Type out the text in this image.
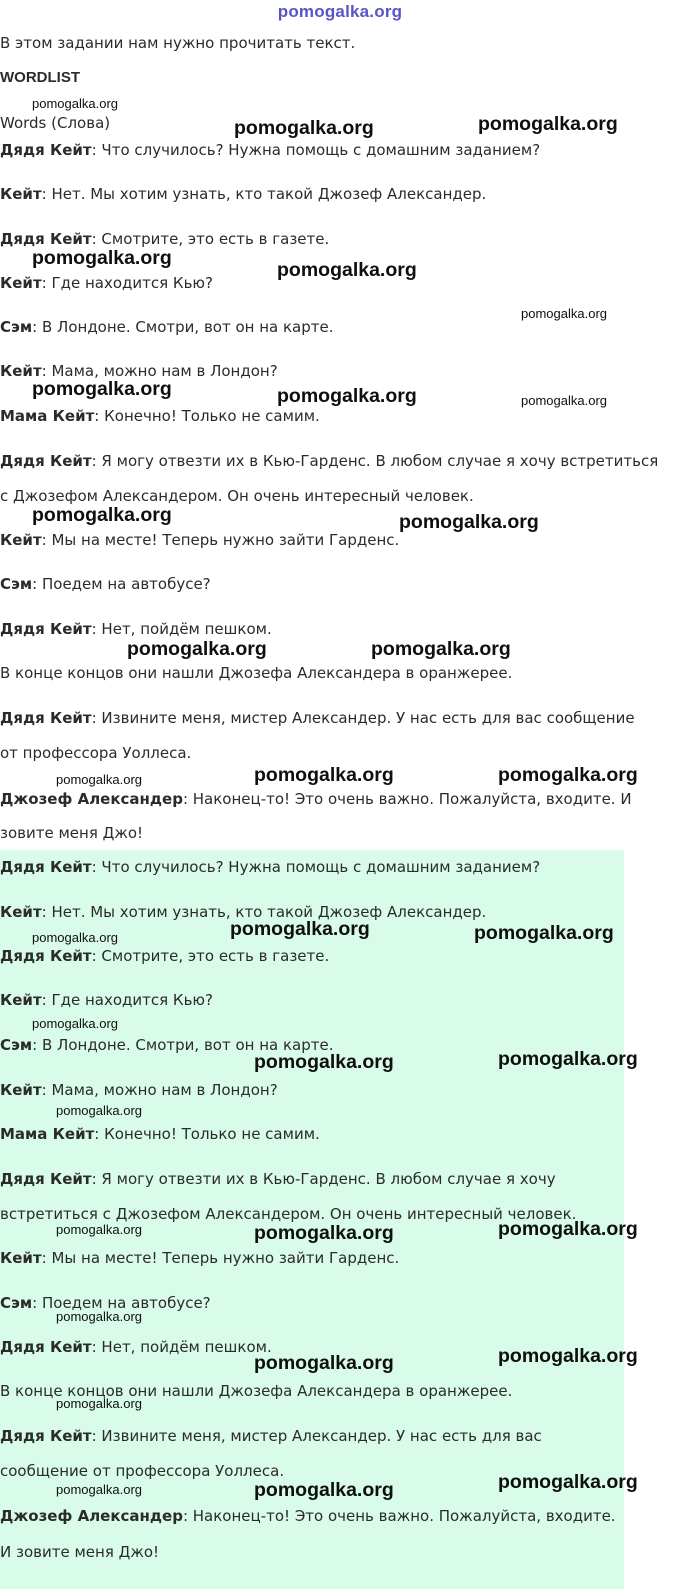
pomogalka.org
В этом задании нам нужно прочитать текст.
WORDLIST
Words (Слова)
Дядя Кейт: Что случилось? Нужна помощь с домашним заданием?
Кейт: Нет. Мы хотим узнать, кто такой Джозеф Александер.
Дядя Кейт: Смотрите, это есть в газете.
Кейт: Где находится Кью?
Сэм: В Лондоне. Смотри, вот он на карте.
Кейт: Мама, можно нам в Лондон?
Мама Кейт: Конечно! Только не самим.
Дядя Кейт: Я могу отвезти их в Кью-Гарденс. В любом случае я хочу встретиться
с Джозефом Александером. Он очень интересный человек.
Кейт: Мы на месте! Теперь нужно зайти Гарденс.
Сэм: Поедем на автобусе?
Дядя Кейт: Нет, пойдём пешком.
В конце концов они нашли Джозефа Александера в оранжерее.
Дядя Кейт: Извините меня, мистер Александер. У нас есть для вас сообщение
от профессора Уоллеса.
Джозеф Александер: Наконец-то! Это очень важно. Пожалуйста, входите. И
зовите меня Джо!
Дядя Кейт: Что случилось? Нужна помощь с домашним заданием?
Кейт: Нет. Мы хотим узнать, кто такой Джозеф Александер.
Дядя Кейт: Смотрите, это есть в газете.
Кейт: Где находится Кью?
Сэм: В Лондоне. Смотри, вот он на карте.
Кейт: Мама, можно нам в Лондон?
Мама Кейт: Конечно! Только не самим.
Дядя Кейт: Я могу отвезти их в Кью-Гарденс. В любом случае я хочу
встретиться с Джозефом Александером. Он очень интересный человек.
Кейт: Мы на месте! Теперь нужно зайти Гарденс.
Сэм: Поедем на автобусе?
Дядя Кейт: Нет, пойдём пешком.
В конце концов они нашли Джозефа Александера в оранжерее.
Дядя Кейт: Извините меня, мистер Александер. У нас есть для вас
сообщение от профессора Уоллеса.
Джозеф Александер: Наконец-то! Это очень важно. Пожалуйста, входите.
И зовите меня Джо!
pomogalka.org
pomogalka.org	pomogalka.org
pomogalka.org
pomogalka.org
pomogalka.org
pomogalka.org	pomogalka.org	pomogalka.org
pomogalka.org	pomogalka.org
pomogalka.org	pomogalka.org
pomogalka.org	pomogalka.org	pomogalka.org
pomogalka.org	pomogalka.org	pomogalka.org
pomogalka.org
pomogalka.org	pomogalka.org
pomogalka.org
pomogalka.org	pomogalka.org	pomogalka.org
pomogalka.org
pomogalka.org	pomogalka.org
pomogalka.org
pomogalka.org	pomogalka.org	pomogalka.org
